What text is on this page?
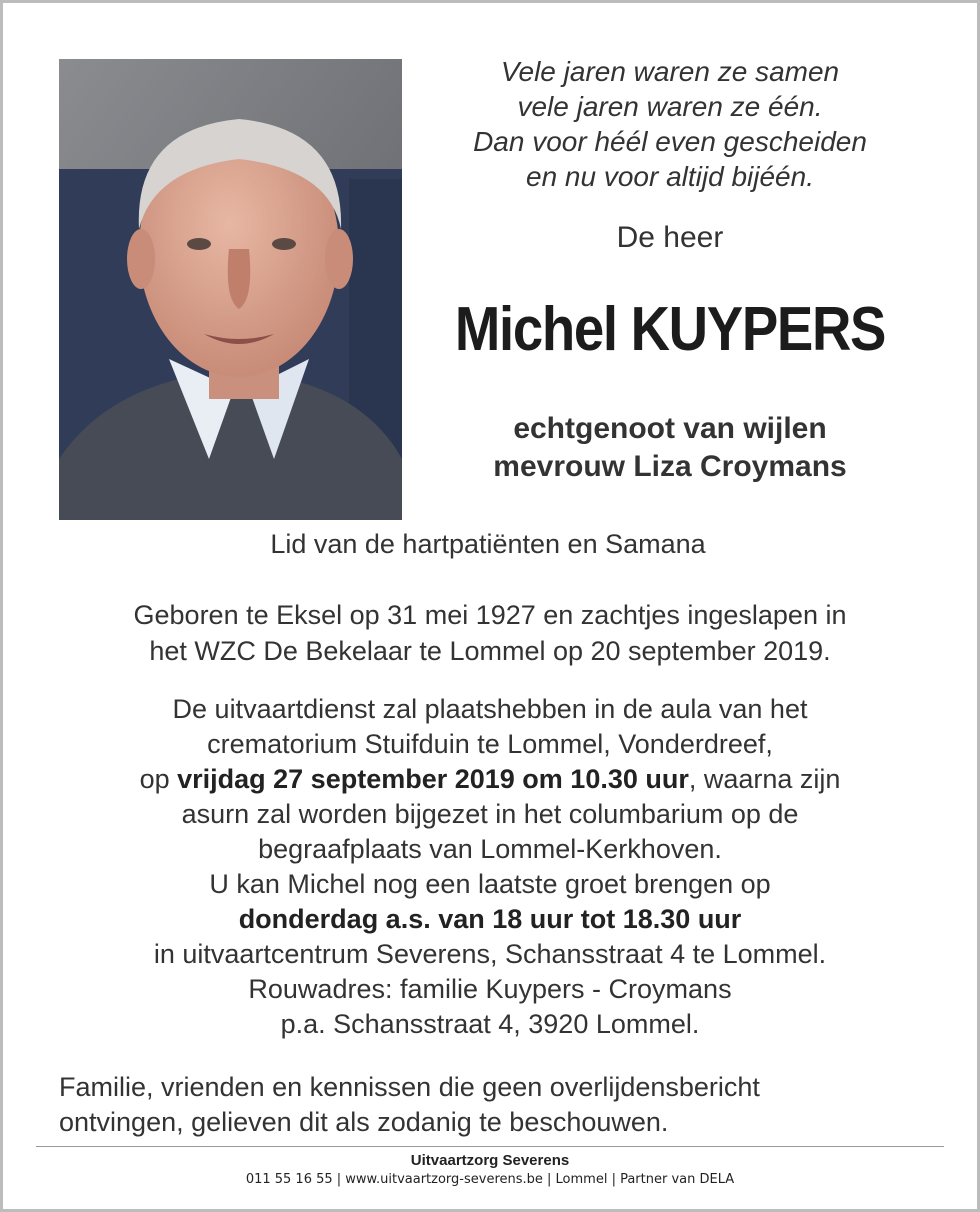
Vele jaren waren ze samen
vele jaren waren ze één.
Dan voor héél even gescheiden
en nu voor altijd bijéén.
De heer
Michel KUYPERS
echtgenoot van wijlen
mevrouw Liza Croymans
Lid van de hartpatiënten en Samana
Geboren te Eksel op 31 mei 1927 en zachtjes ingeslapen in
het WZC De Bekelaar te Lommel op 20 september 2019.
De uitvaartdienst zal plaatshebben in de aula van het
crematorium Stuifduin te Lommel, Vonderdreef,
op vrijdag 27 september 2019 om 10.30 uur, waarna zijn
asurn zal worden bijgezet in het columbarium op de
begraafplaats van Lommel-Kerkhoven.
U kan Michel nog een laatste groet brengen op
donderdag a.s. van 18 uur tot 18.30 uur
in uitvaartcentrum Severens, Schansstraat 4 te Lommel.
Rouwadres: familie Kuypers - Croymans
p.a. Schansstraat 4, 3920 Lommel.
Familie, vrienden en kennissen die geen overlijdensbericht
ontvingen, gelieven dit als zodanig te beschouwen.
Uitvaartzorg Severens
011 55 16 55 | www.uitvaartzorg-severens.be | Lommel | Partner van DELA
